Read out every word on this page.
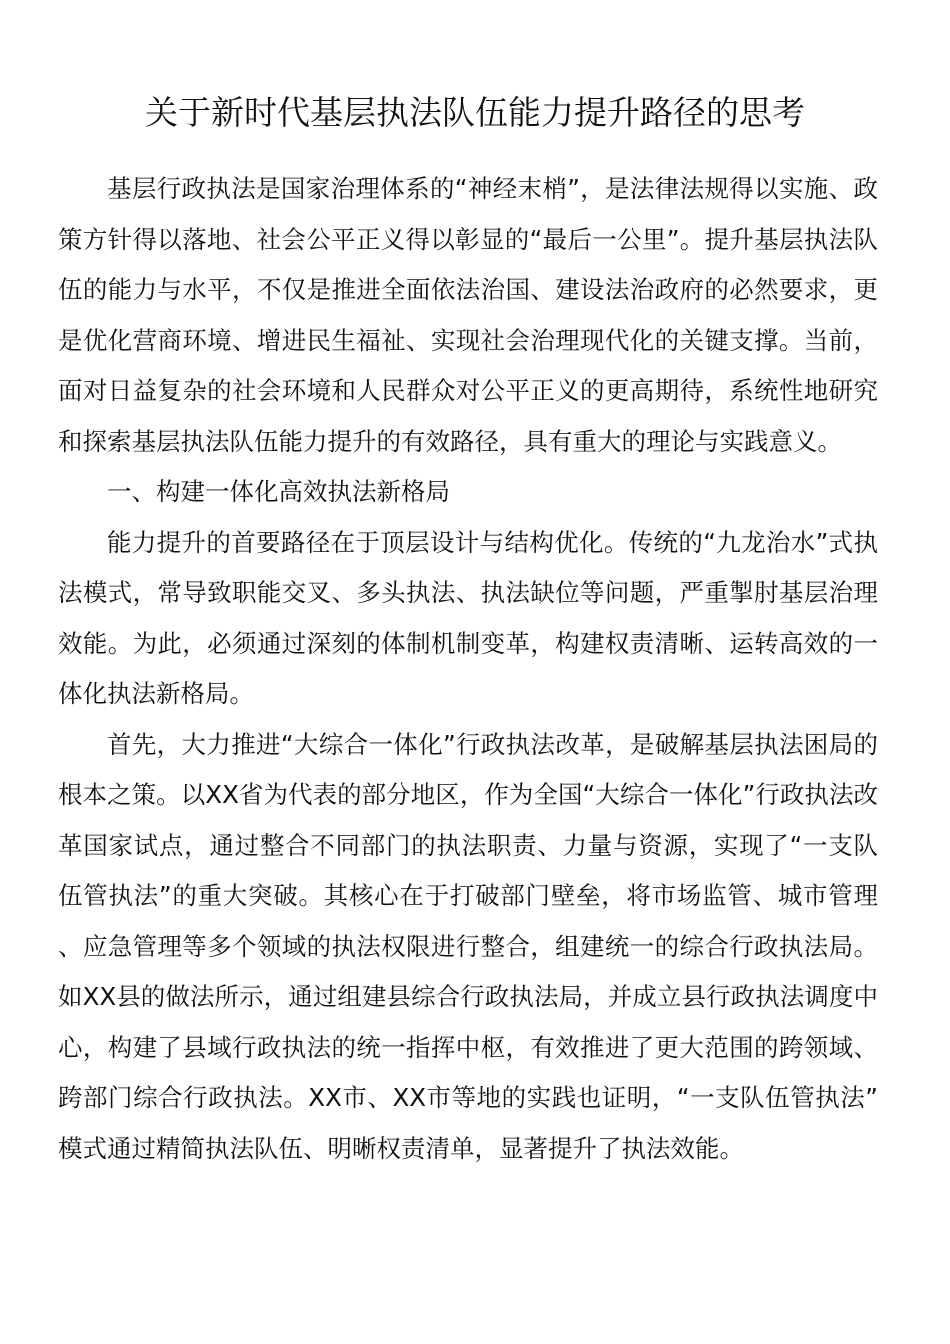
关于新时代基层执法队伍能力提升路径的思考

基层行政执法是国家治理体系的“神经末梢”，是法律法规得以实施、政策方针得以落地、社会公平正义得以彰显的“最后一公里”。提升基层执法队伍的能力与水平，不仅是推进全面依法治国、建设法治政府的必然要求，更是优化营商环境、增进民生福祉、实现社会治理现代化的关键支撑。当前，面对日益复杂的社会环境和人民群众对公平正义的更高期待，系统性地研究和探索基层执法队伍能力提升的有效路径，具有重大的理论与实践意义。

一、构建一体化高效执法新格局

能力提升的首要路径在于顶层设计与结构优化。传统的“九龙治水”式执法模式，常导致职能交叉、多头执法、执法缺位等问题，严重掣肘基层治理效能。为此，必须通过深刻的体制机制变革，构建权责清晰、运转高效的一体化执法新格局。

首先，大力推进“大综合一体化”行政执法改革，是破解基层执法困局的根本之策。以XX省为代表的部分地区，作为全国“大综合一体化”行政执法改革国家试点，通过整合不同部门的执法职责、力量与资源，实现了“一支队伍管执法”的重大突破。其核心在于打破部门壁垒，将市场监管、城市管理、应急管理等多个领域的执法权限进行整合，组建统一的综合行政执法局。如XX县的做法所示，通过组建县综合行政执法局，并成立县行政执法调度中心，构建了县域行政执法的统一指挥中枢，有效推进了更大范围的跨领域、跨部门综合行政执法。XX市、XX市等地的实践也证明，“一支队伍管执法”模式通过精简执法队伍、明晰权责清单，显著提升了执法效能。
